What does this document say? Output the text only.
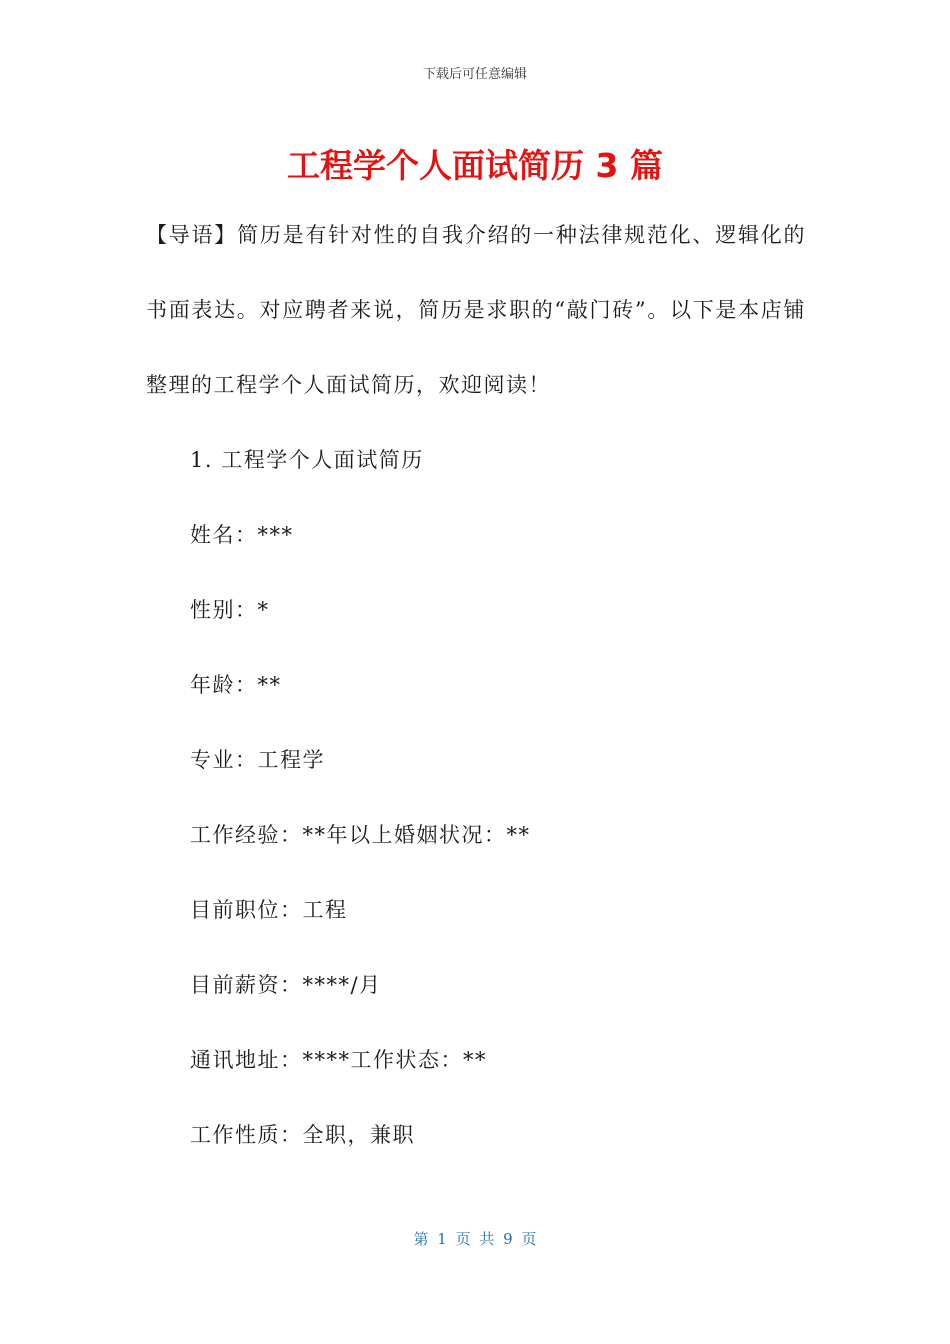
下载后可任意编辑
工程学个人面试简历 3 篇

【导语】简历是有针对性的自我介绍的一种法律规范化、逻辑化的书面表达。对应聘者来说，简历是求职的“敲门砖”。以下是本店铺整理的工程学个人面试简历，欢迎阅读！

1. 工程学个人面试简历
姓名：***
性别：*
年龄：**
专业：工程学
工作经验：**年以上婚姻状况：**
目前职位：工程
目前薪资：****/月
通讯地址：****工作状态：**
工作性质：全职，兼职
第 1 页 共 9 页
